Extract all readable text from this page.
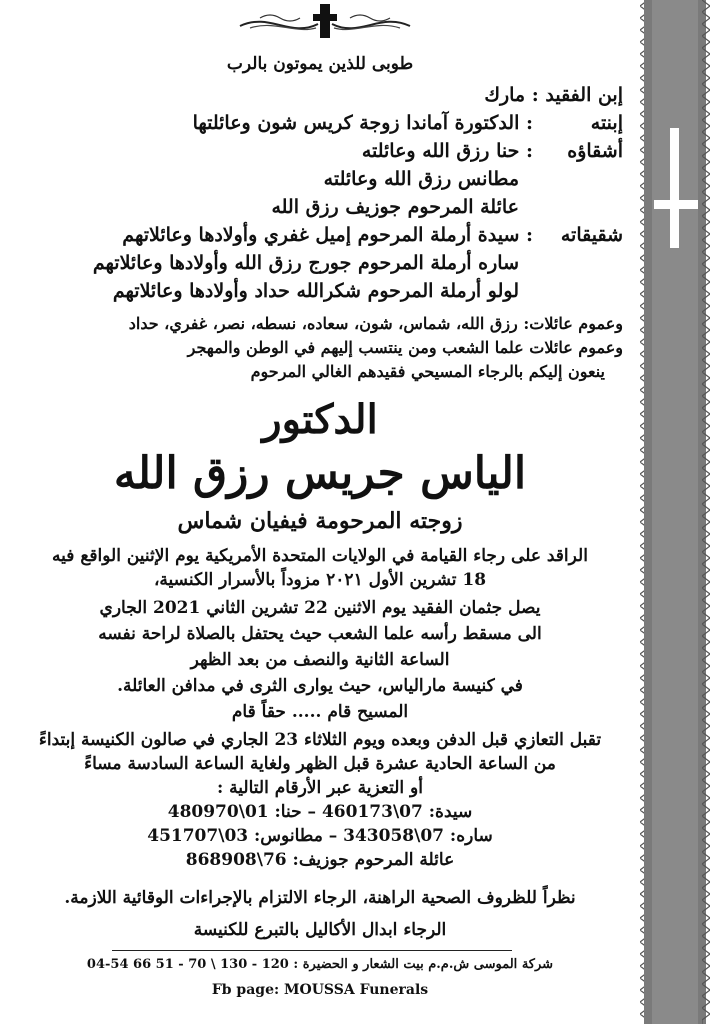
طوبى للذين يموتون بالرب
إبن الفقيد : مارك
إبنته: الدكتورة آماندا زوجة كريس شون وعائلتها
أشقاؤه: حنا رزق الله وعائلته
مطانس رزق الله وعائلته
عائلة المرحوم جوزيف رزق الله
شقيقاته: سيدة أرملة المرحوم إميل غفري وأولادها وعائلاتهم
ساره أرملة المرحوم جورج رزق الله وأولادها وعائلاتهم
لولو أرملة المرحوم شكرالله حداد وأولادها وعائلاتهم
وعموم عائلات: رزق الله، شماس، شون، سعاده، نسطه، نصر، غفري، حداد
وعموم عائلات علما الشعب ومن ينتسب إليهم في الوطن والمهجر
ينعون إليكم بالرجاء المسيحي فقيدهم الغالي المرحوم
الدكتور
الياس جريس رزق الله
زوجته المرحومة فيفيان شماس
الراقد على رجاء القيامة في الولايات المتحدة الأمريكية يوم الإثنين الواقع فيه
18 تشرين الأول ٢٠٢١ مزوداً بالأسرار الكنسية،
يصل جثمان الفقيد يوم الاثنين 22 تشرين الثاني 2021 الجاري
الى مسقط رأسه علما الشعب حيث يحتفل بالصلاة لراحة نفسه
الساعة الثانية والنصف من بعد الظهر
في كنيسة مارالياس، حيث يوارى الثرى في مدافن العائلة.
المسيح قام ..... حقاً قام
تقبل التعازي قبل الدفن وبعده ويوم الثلاثاء 23 الجاري في صالون الكنيسة إبتداءً
من الساعة الحادية عشرة قبل الظهر ولغاية الساعة السادسة مساءً
أو التعزية عبر الأرقام التالية :
سيدة: 07\460173 – حنا: 01\480970
ساره: 07\343058 – مطانوس: 03\451707
عائلة المرحوم جوزيف: 76\868908
نظراً للظروف الصحية الراهنة، الرجاء الالتزام بالإجراءات الوقائية اللازمة.
الرجاء ابدال الأكاليل بالتبرع للكنيسة
شركة الموسى ش.م.م بيت الشعار و الحضيرة : 120 - 130 \ 70 - 51 66 54-04
Fb page: MOUSSA Funerals
